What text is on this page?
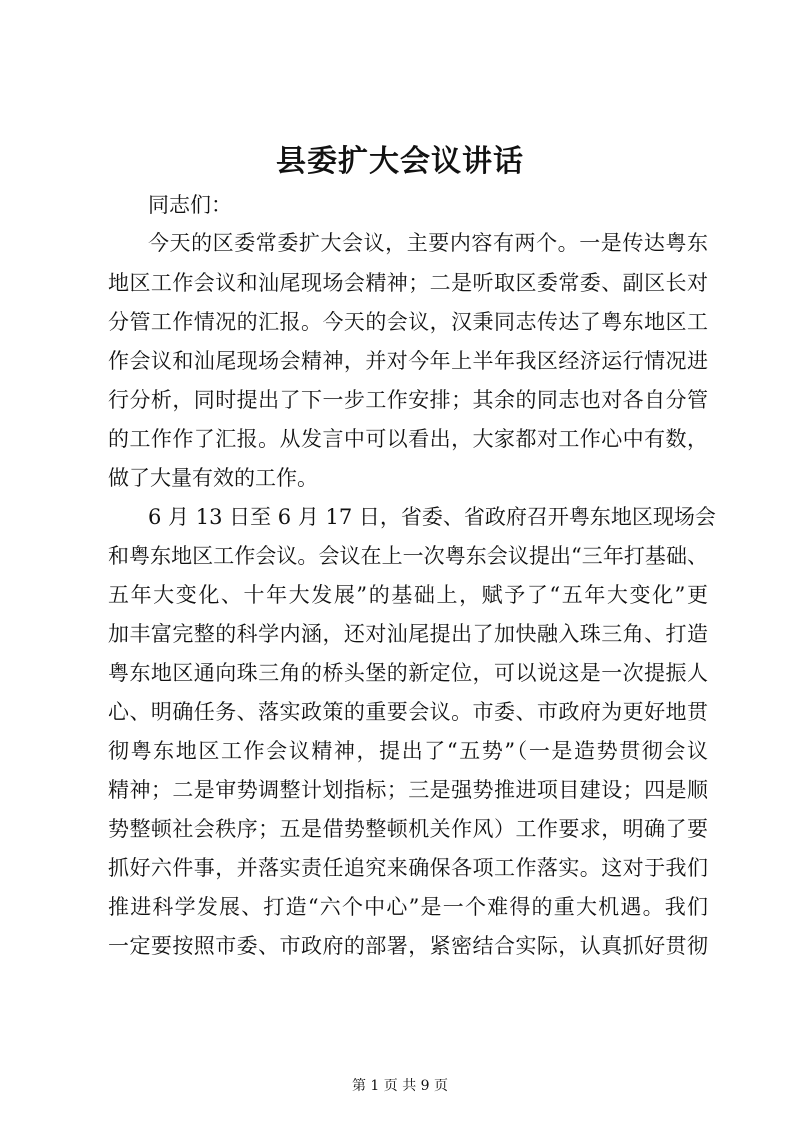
县委扩大会议讲话

同志们：

今天的区委常委扩大会议，主要内容有两个。一是传达粤东

地区工作会议和汕尾现场会精神；二是听取区委常委、副区长对

分管工作情况的汇报。今天的会议，汉秉同志传达了粤东地区工

作会议和汕尾现场会精神，并对今年上半年我区经济运行情况进

行分析，同时提出了下一步工作安排；其余的同志也对各自分管

的工作作了汇报。从发言中可以看出，大家都对工作心中有数，

做了大量有效的工作。

6 月 13 日至 6 月 17 日，省委、省政府召开粤东地区现场会

和粤东地区工作会议。会议在上一次粤东会议提出“三年打基础、

五年大变化、十年大发展”的基础上，赋予了“五年大变化”更

加丰富完整的科学内涵，还对汕尾提出了加快融入珠三角、打造

粤东地区通向珠三角的桥头堡的新定位，可以说这是一次提振人

心、明确任务、落实政策的重要会议。市委、市政府为更好地贯

彻粤东地区工作会议精神，提出了“五势”（一是造势贯彻会议

精神；二是审势调整计划指标；三是强势推进项目建设；四是顺

势整顿社会秩序；五是借势整顿机关作风）工作要求，明确了要

抓好六件事，并落实责任追究来确保各项工作落实。这对于我们

推进科学发展、打造“六个中心”是一个难得的重大机遇。我们

一定要按照市委、市政府的部署，紧密结合实际，认真抓好贯彻

第 1 页 共 9 页
